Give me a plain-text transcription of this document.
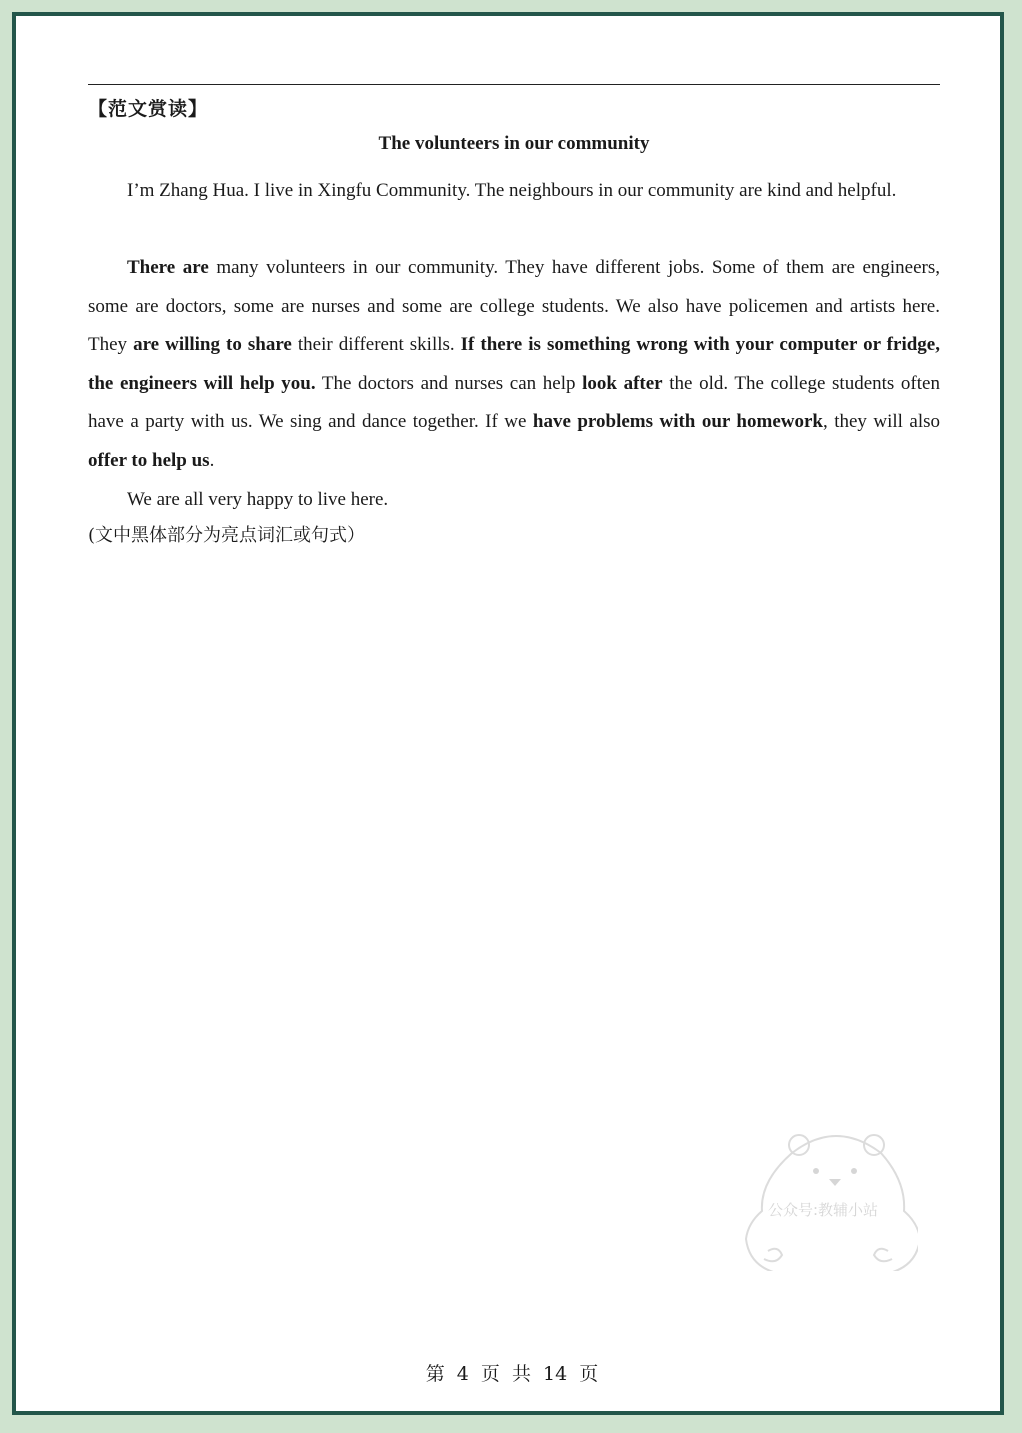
【范文赏读】
The volunteers in our community

I’m Zhang Hua. I live in Xingfu Community. The neighbours in our community are kind and helpful.

There are many volunteers in our community. They have different jobs. Some of them are engineers, some are doctors, some are nurses and some are college students. We also have policemen and artists here. They are willing to share their different skills. If there is something wrong with your computer or fridge, the engineers will help you. The doctors and nurses can help look after the old. The college students often have a party with us. We sing and dance together. If we have problems with our homework, they will also offer to help us.

We are all very happy to live here.

(文中黑体部分为亮点词汇或句式）
公众号:教辅小站
第 4 页 共 14 页
